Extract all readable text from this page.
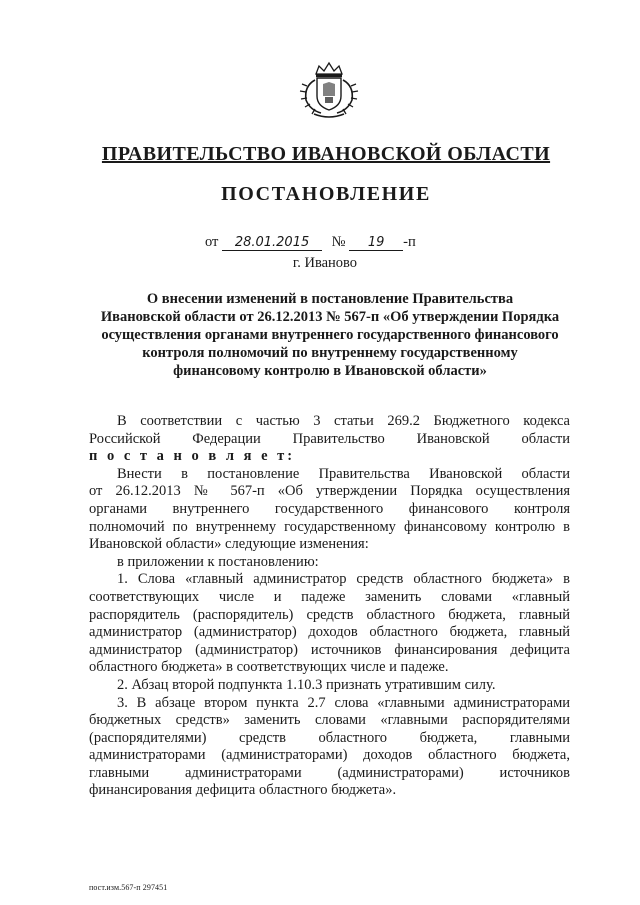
ПРАВИТЕЛЬСТВО ИВАНОВСКОЙ ОБЛАСТИ
ПОСТАНОВЛЕНИЕ
от 28.01.2015 № 19 -п
г. Иваново

О внесении изменений в постановление Правительства

Ивановской области от 26.12.2013 № 567-п «Об утверждении Порядка

осуществления органами внутреннего государственного финансового

контроля полномочий по внутреннему государственному

финансовому контролю в Ивановской области»

В соответствии с частью 3 статьи 269.2 Бюджетного кодекса

Российской Федерации Правительство Ивановской области

п о с т а н о в л я е т:

Внести в постановление Правительства Ивановской области

от 26.12.2013 № 567-п «Об утверждении Порядка осуществления

органами внутреннего государственного финансового контроля

полномочий по внутреннему государственному финансовому контролю в

Ивановской области» следующие изменения:

в приложении к постановлению:

1. Слова «главный администратор средств областного бюджета» в

соответствующих числе и падеже заменить словами «главный

распорядитель (распорядитель) средств областного бюджета, главный

администратор (администратор) доходов областного бюджета, главный

администратор (администратор) источников финансирования дефицита

областного бюджета» в соответствующих числе и падеже.

2. Абзац второй подпункта 1.10.3 признать утратившим силу.

3. В абзаце втором пункта 2.7 слова «главными администраторами

бюджетных средств» заменить словами «главными распорядителями

(распорядителями) средств областного бюджета, главными

администраторами (администраторами) доходов областного бюджета,

главными администраторами (администраторами) источников

финансирования дефицита областного бюджета».

пост.изм.567-п 297451
